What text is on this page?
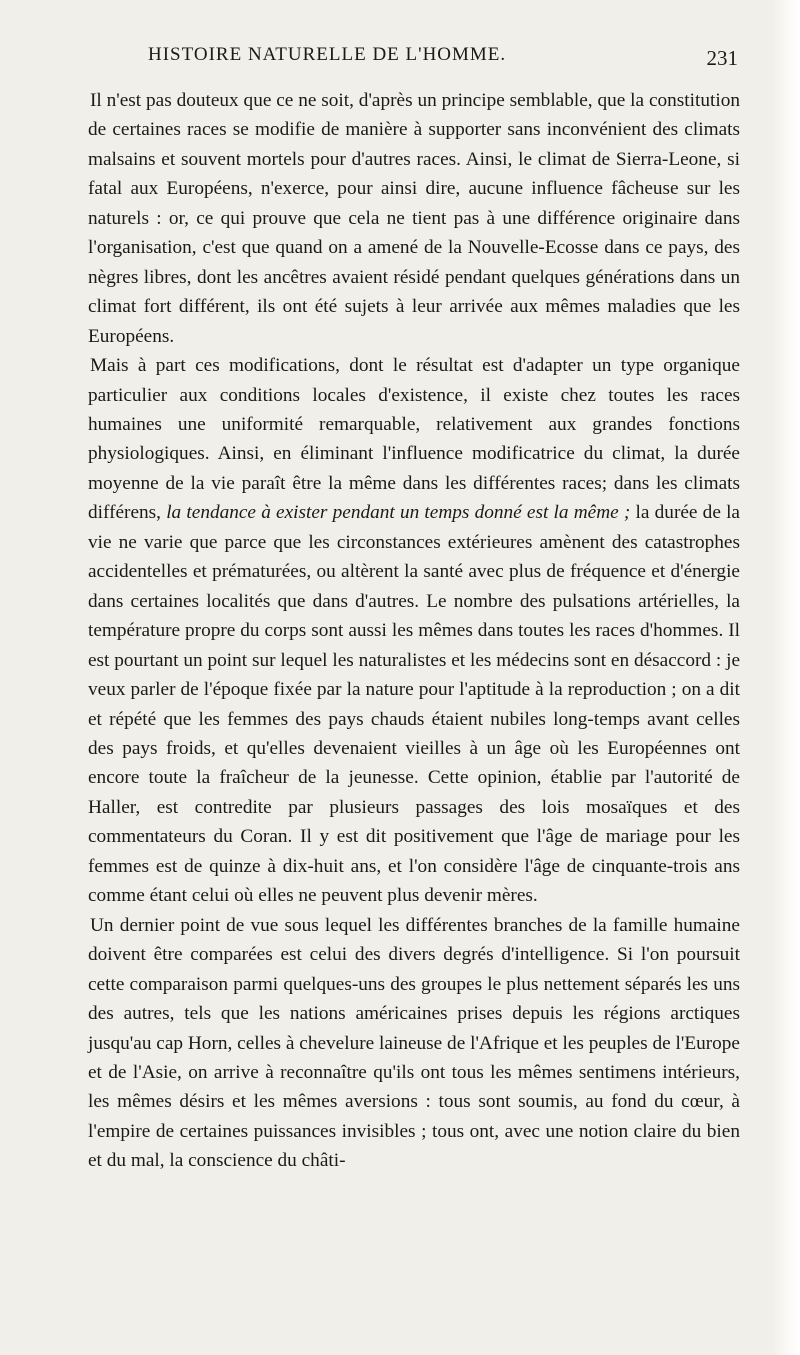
HISTOIRE NATURELLE DE L'HOMME.	231

Il n'est pas douteux que ce ne soit, d'après un principe semblable, que la constitution de certaines races se modifie de manière à supporter sans inconvénient des climats malsains et souvent mortels pour d'autres races. Ainsi, le climat de Sierra-Leone, si fatal aux Européens, n'exerce, pour ainsi dire, aucune influence fâcheuse sur les naturels : or, ce qui prouve que cela ne tient pas à une différence originaire dans l'organisation, c'est que quand on a amené de la Nouvelle-Ecosse dans ce pays, des nègres libres, dont les ancêtres avaient résidé pendant quelques générations dans un climat fort différent, ils ont été sujets à leur arrivée aux mêmes maladies que les Européens.

Mais à part ces modifications, dont le résultat est d'adapter un type organique particulier aux conditions locales d'existence, il existe chez toutes les races humaines une uniformité remarquable, relativement aux grandes fonctions physiologiques. Ainsi, en éliminant l'influence modificatrice du climat, la durée moyenne de la vie paraît être la même dans les différentes races; dans les climats différens, la tendance à exister pendant un temps donné est la même ; la durée de la vie ne varie que parce que les circonstances extérieures amènent des catastrophes accidentelles et prématurées, ou altèrent la santé avec plus de fréquence et d'énergie dans certaines localités que dans d'autres. Le nombre des pulsations artérielles, la température propre du corps sont aussi les mêmes dans toutes les races d'hommes. Il est pourtant un point sur lequel les naturalistes et les médecins sont en désaccord : je veux parler de l'époque fixée par la nature pour l'aptitude à la reproduction ; on a dit et répété que les femmes des pays chauds étaient nubiles long-temps avant celles des pays froids, et qu'elles devenaient vieilles à un âge où les Européennes ont encore toute la fraîcheur de la jeunesse. Cette opinion, établie par l'autorité de Haller, est contredite par plusieurs passages des lois mosaïques et des commentateurs du Coran. Il y est dit positivement que l'âge de mariage pour les femmes est de quinze à dix-huit ans, et l'on considère l'âge de cinquante-trois ans comme étant celui où elles ne peuvent plus devenir mères.

Un dernier point de vue sous lequel les différentes branches de la famille humaine doivent être comparées est celui des divers degrés d'intelligence. Si l'on poursuit cette comparaison parmi quelques-uns des groupes le plus nettement séparés les uns des autres, tels que les nations américaines prises depuis les régions arctiques jusqu'au cap Horn, celles à chevelure laineuse de l'Afrique et les peuples de l'Europe et de l'Asie, on arrive à reconnaître qu'ils ont tous les mêmes sentimens intérieurs, les mêmes désirs et les mêmes aversions : tous sont soumis, au fond du cœur, à l'empire de certaines puissances invisibles ; tous ont, avec une notion claire du bien et du mal, la conscience du châti-
